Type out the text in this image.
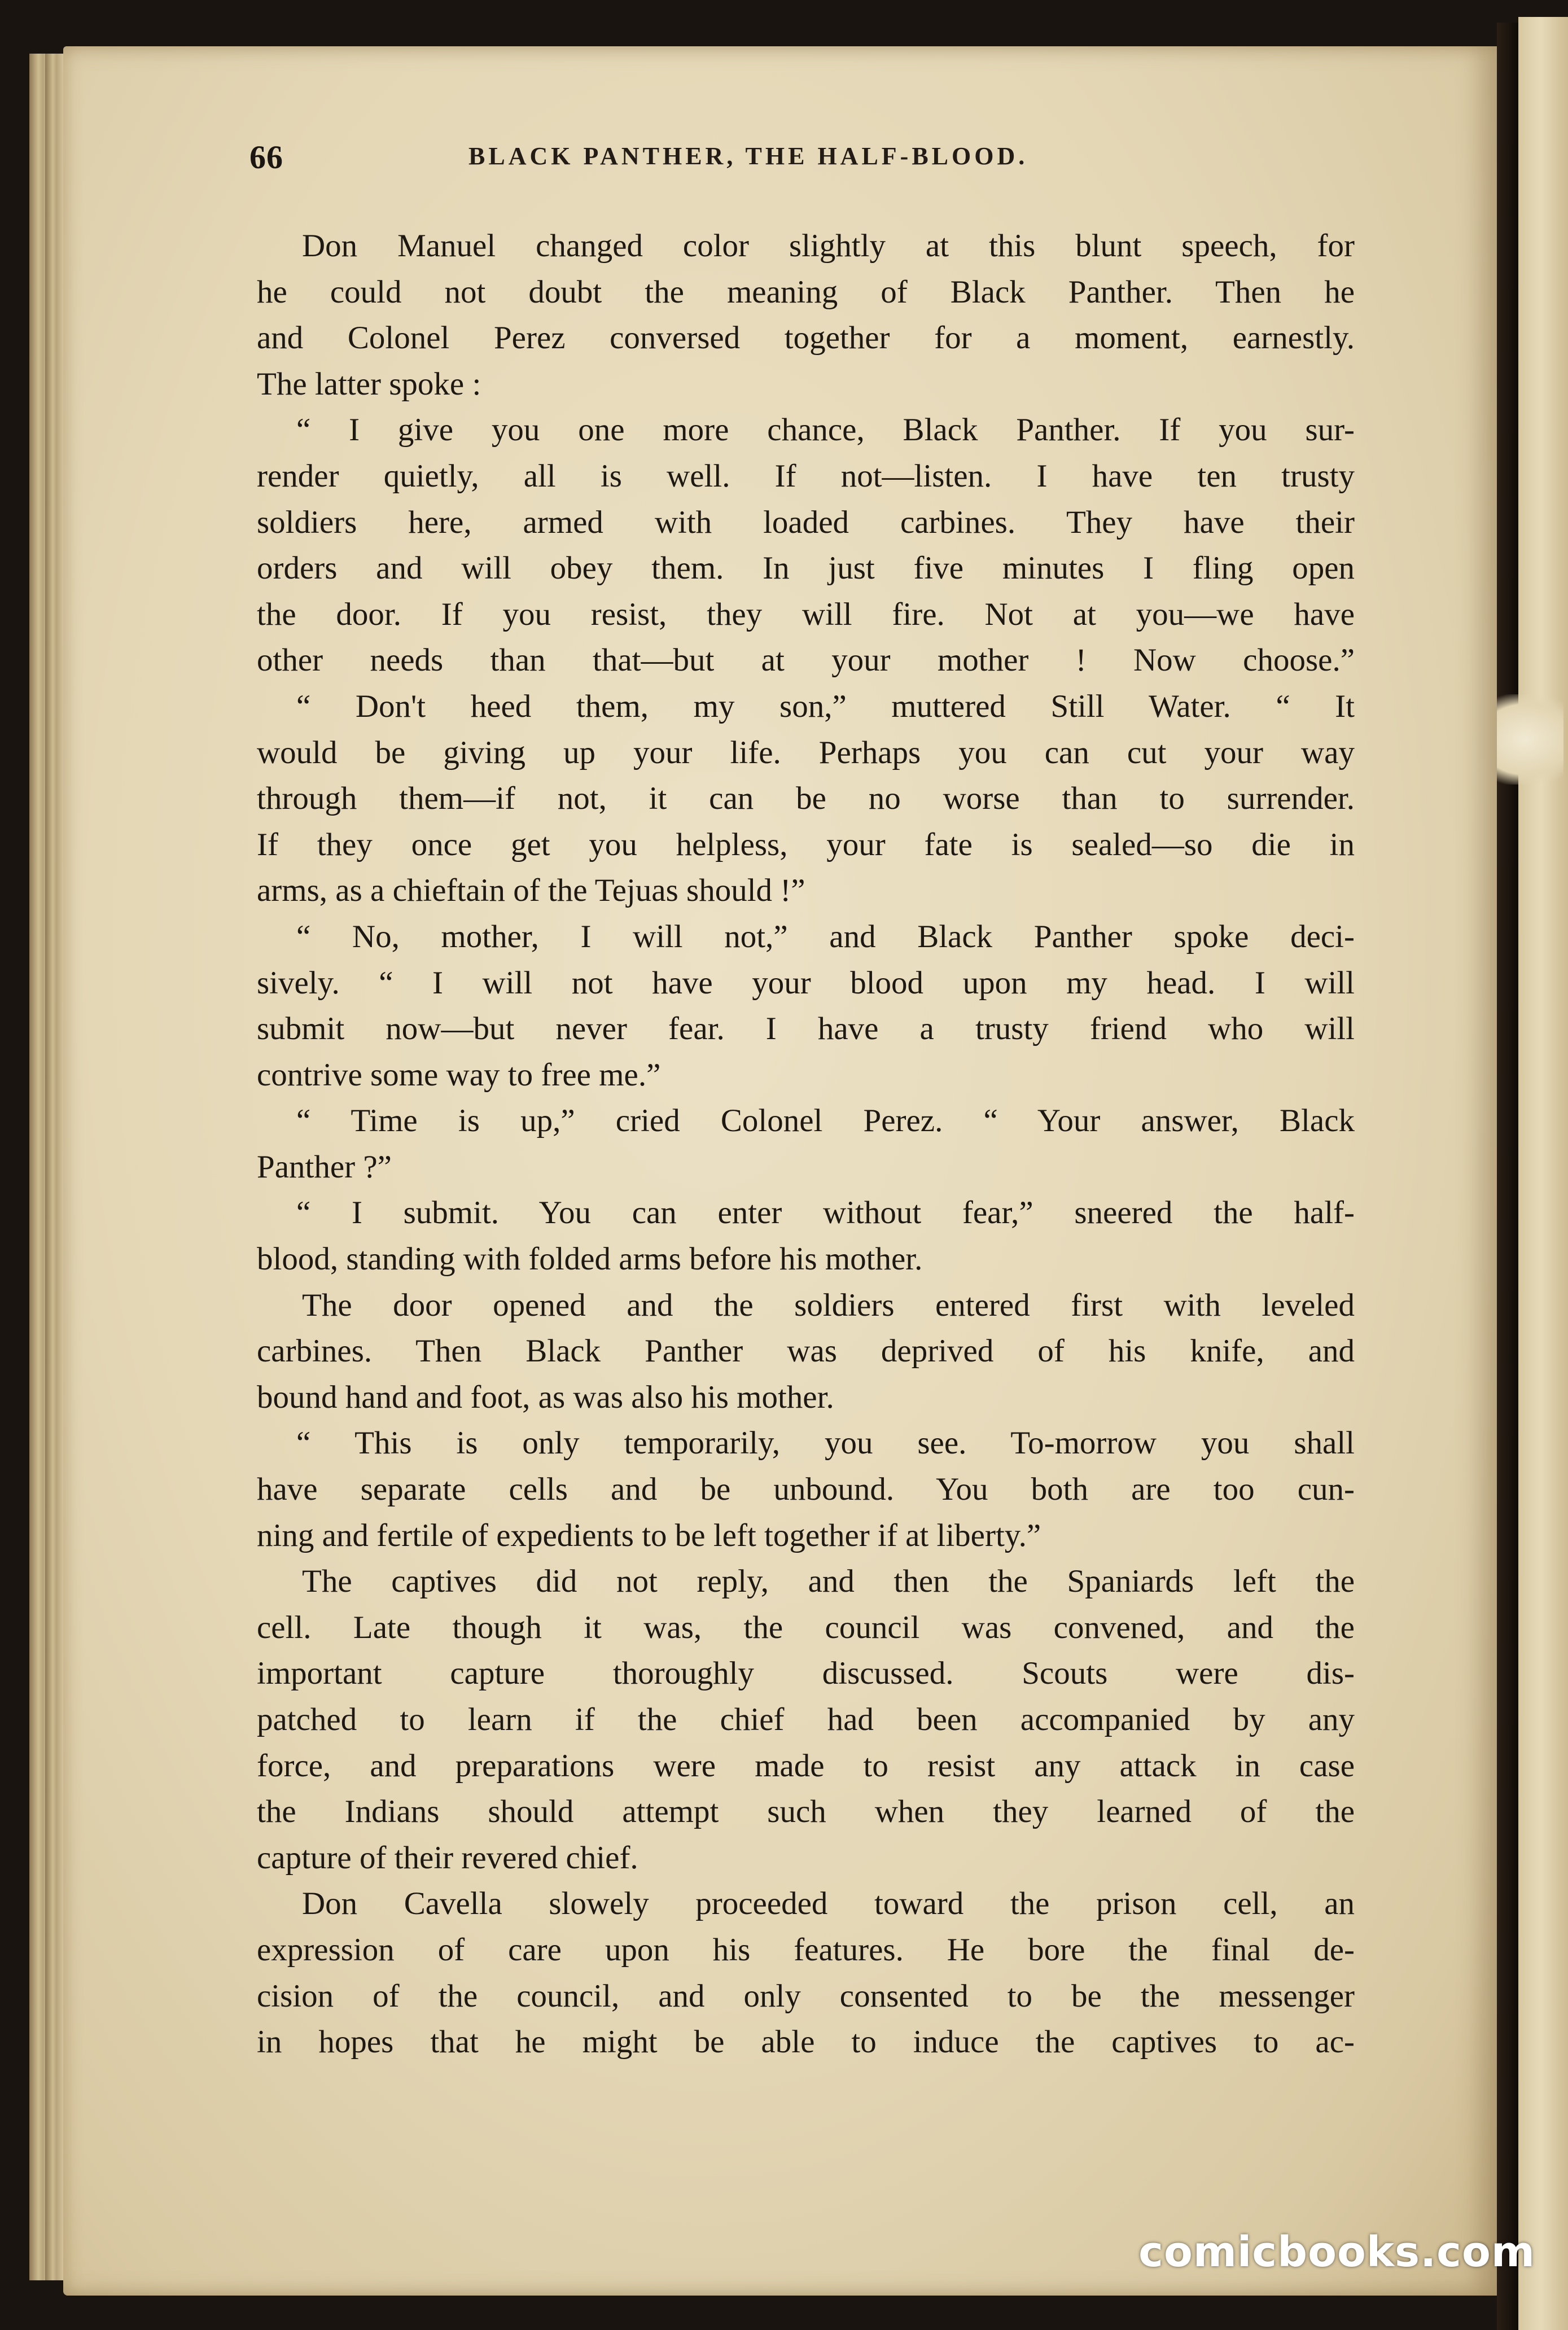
66	BLACK PANTHER, THE HALF-BLOOD.
Don Manuel changed color slightly at this blunt speech, for
he could not doubt the meaning of Black Panther. Then he
and Colonel Perez conversed together for a moment, earnestly.
The latter spoke :
“ I give you one more chance, Black Panther. If you sur-
render quietly, all is well. If not—listen. I have ten trusty
soldiers here, armed with loaded carbines. They have their
orders and will obey them. In just five minutes I fling open
the door. If you resist, they will fire. Not at you—we have
other needs than that—but at your mother ! Now choose.”
“ Don't heed them, my son,” muttered Still Water. “ It
would be giving up your life. Perhaps you can cut your way
through them—if not, it can be no worse than to surrender.
If they once get you helpless, your fate is sealed—so die in
arms, as a chieftain of the Tejuas should !”
“ No, mother, I will not,” and Black Panther spoke deci-
sively. “ I will not have your blood upon my head. I will
submit now—but never fear. I have a trusty friend who will
contrive some way to free me.”
“ Time is up,” cried Colonel Perez. “ Your answer, Black
Panther ?”
“ I submit. You can enter without fear,” sneered the half-
blood, standing with folded arms before his mother.
The door opened and the soldiers entered first with leveled
carbines. Then Black Panther was deprived of his knife, and
bound hand and foot, as was also his mother.
“ This is only temporarily, you see. To-morrow you shall
have separate cells and be unbound. You both are too cun-
ning and fertile of expedients to be left together if at liberty.”
The captives did not reply, and then the Spaniards left the
cell. Late though it was, the council was convened, and the
important capture thoroughly discussed. Scouts were dis-
patched to learn if the chief had been accompanied by any
force, and preparations were made to resist any attack in case
the Indians should attempt such when they learned of the
capture of their revered chief.
Don Cavella slowely proceeded toward the prison cell, an
expression of care upon his features. He bore the final de-
cision of the council, and only consented to be the messenger
in hopes that he might be able to induce the captives to ac-
comicbooks.com
